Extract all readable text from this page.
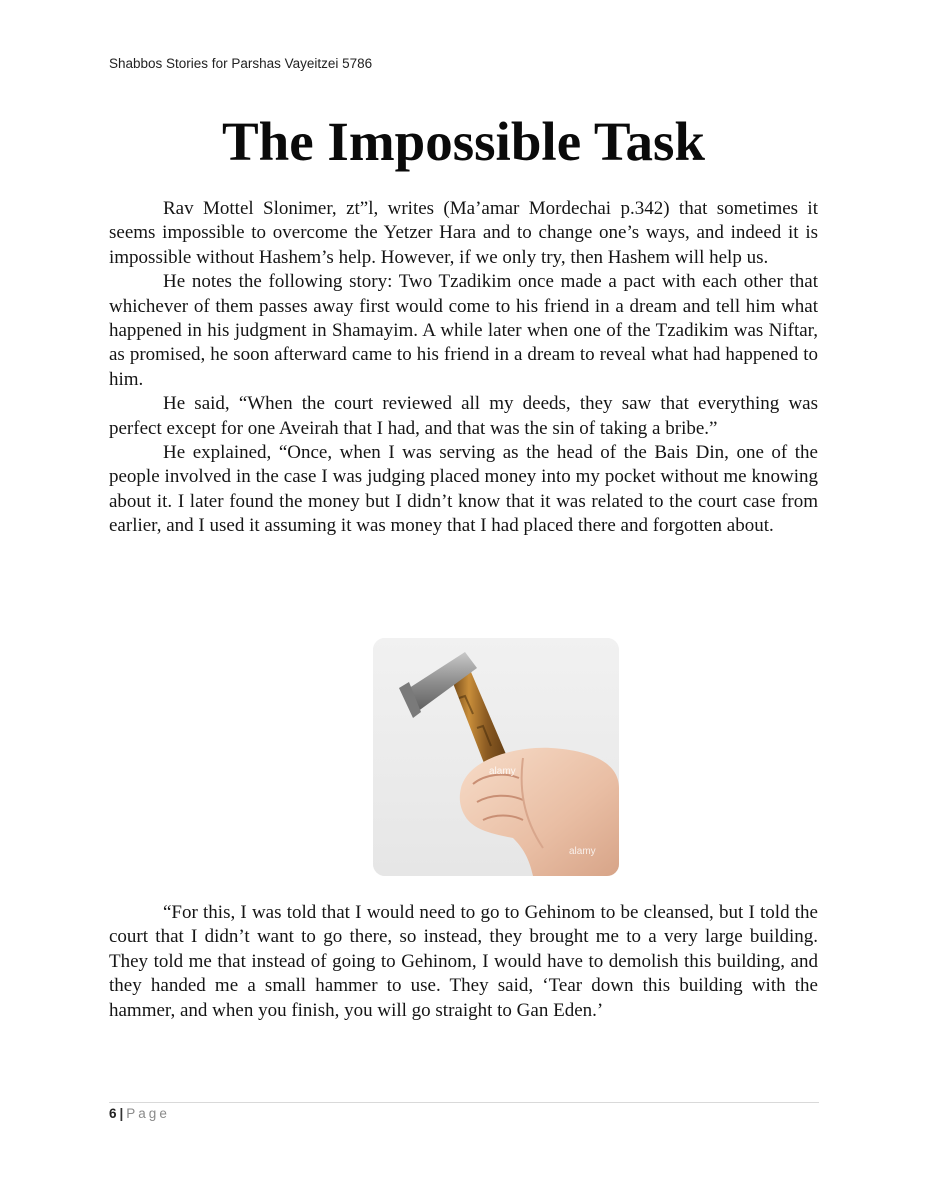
Shabbos Stories for Parshas Vayeitzei 5786
The Impossible Task

Rav Mottel Slonimer, zt”l, writes (Ma’amar Mordechai p.342) that sometimes it seems impossible to overcome the Yetzer Hara and to change one’s ways, and indeed it is impossible without Hashem’s help. However, if we only try, then Hashem will help us.

He notes the following story: Two Tzadikim once made a pact with each other that whichever of them passes away first would come to his friend in a dream and tell him what happened in his judgment in Shamayim. A while later when one of the Tzadikim was Niftar, as promised, he soon afterward came to his friend in a dream to reveal what had happened to him.

He said, “When the court reviewed all my deeds, they saw that everything was perfect except for one Aveirah that I had, and that was the sin of taking a bribe.”

He explained, “Once, when I was serving as the head of the Bais Din, one of the people involved in the case I was judging placed money into my pocket without me knowing about it. I later found the money but I didn’t know that it was related to the court case from earlier, and I used it assuming it was money that I had placed there and forgotten about.

alamy
alamy

“For this, I was told that I would need to go to Gehinom to be cleansed, but I told the court that I didn’t want to go there, so instead, they brought me to a very large building. They told me that instead of going to Gehinom, I would have to demolish this building, and they handed me a small hammer to use. They said, ‘Tear down this building with the hammer, and when you finish, you will go straight to Gan Eden.’

6 | Page
